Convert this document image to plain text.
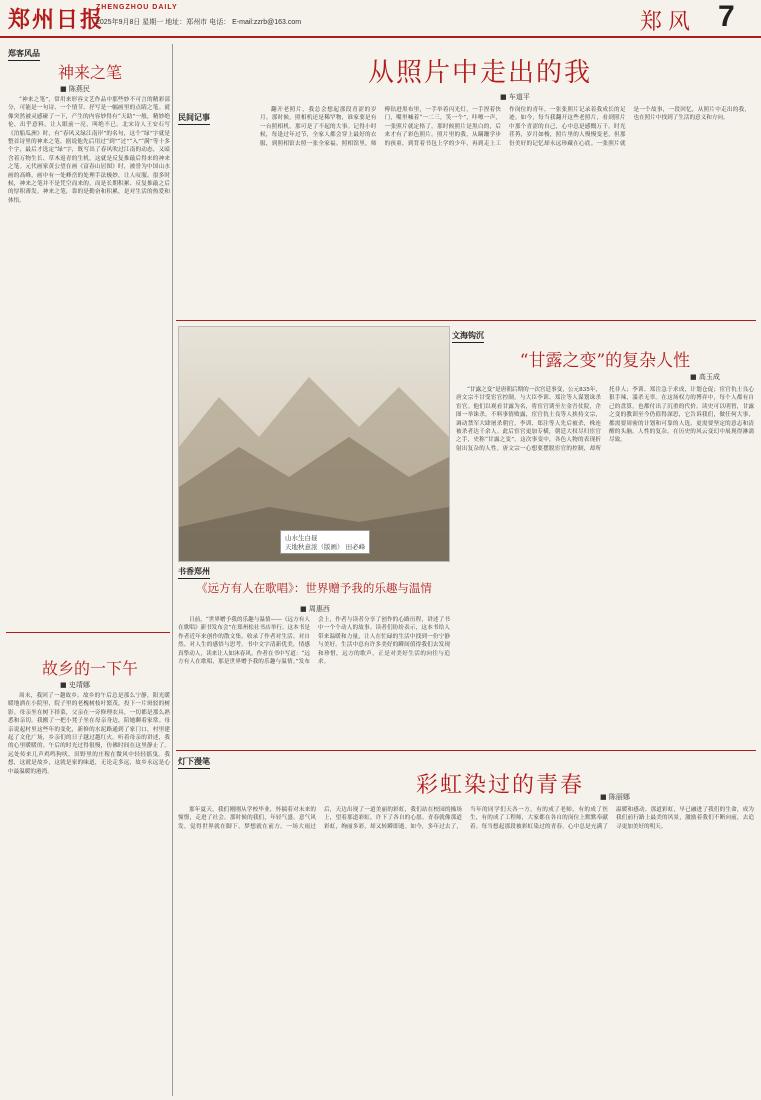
郑州日报
ZHENGZHOU DAILY
2025年9月8日 星期一 地址：郑州市 电话： E-mail:zzrb@163.com	郑风 7
郑客风品
神来之笔
■ 陈燕民
“神来之笔”，常用来形容文艺作品中那些妙不可言的精彩部分，可能是一句诗、一个情节、抒写是一幅画里的点睛之笔。就像突然被灵感碰了一下，产生的内容妙得有“天助”一般，精妙绝伦，出乎意料，让人眼前一亮，叫绝不已。北宋诗人王安石写《泊船瓜洲》时，有“春风又绿江南岸”的名句，这个“绿”字就是整首诗里的神来之笔。据说他先后用过“到”“过”“入”“满”等十多个字，最后才选定“绿”字，既写出了春风吹过江南的动态，又暗含着万物生长、草木返青的生机，这就是反复推敲后得来的神来之笔。元代画家黄公望在画《富春山居图》时，被誉为中国山水画的高峰，画中有一处峰峦的处理手法极妙，让人叹服。很多时候，神来之笔并不是凭空而来的，而是长期积累、反复推敲之后的厚积薄发。神来之笔，靠的是勤奋和积累，是对生活的热爱和体悟。
故乡的一下午
■ 史靖娜
周末，我回了一趟故乡。故乡的午后总是那么宁静，阳光暖暖地洒在小院里，院子里的老槐树枝叶繁茂，投下一片斑驳的树影。母亲坐在树下择菜，父亲在一旁修理农具，一切都是那么熟悉和亲切。我搬了一把小凳子坐在母亲身边，陪她聊着家常。母亲说起村里这些年的变化，新修的水泥路通到了家门口，村里建起了文化广场，乡亲们的日子越过越红火。听着母亲的讲述，我的心里暖暖的。午后的时光过得很慢，仿佛时间在这里静止了。远处传来几声鸡鸣狗吠，田野里的庄稼在微风中轻轻摇曳。我想，这就是故乡，这就是家的味道，无论走多远，故乡永远是心中最温暖的港湾。
民间记事
从照片中走出的我
■ 车道平
翻开老照片，我总会想起那段青涩的岁月。那时候，照相机还是稀罕物，谁家要是有一台照相机，那可是了不起的大事。记得小时候，每逢过年过节，全家人都会穿上最好的衣服，到照相馆去照一张全家福。照相馆里，师傅钻进黑布里，一手举着闪光灯，一手捏着快门，嘴里喊着“一二三，笑一个”，咔嚓一声，一张照片就定格了。那时候照片是黑白的，后来才有了彩色照片。照片里的我，从蹒跚学步的孩童，到背着书包上学的少年，再到走上工作岗位的青年，一张张照片记录着我成长的足迹。如今，每当我翻开这些老照片，看到照片中那个青涩的自己，心中总是感慨万千。时光荏苒，岁月如梭，照片里的人慢慢变老，但那份美好的记忆却永远珍藏在心底。一张照片就是一个故事，一段回忆，从照片中走出的我，也在照片中找到了生活的意义和方向。
山水生白昼
天地秋意浓（版画） 田必峰
文海钩沉
“甘露之变”的复杂人性
■ 高玉成
“甘露之变”是唐朝后期的一次宫廷事变，公元835年，唐文宗不甘受宦官控制，与大臣李训、郑注等人谋划诛杀宦官。他们以观看甘露为名，将宦官诱至左金吾仗院，企图一举诛杀。不料事情败露，宦官仇士良等人挟持文宗，调动禁军大肆屠杀朝官，李训、郑注等人先后被杀，株连被杀者达千余人。此后宦官更加专横，朝廷大权尽归宦官之手，史称“甘露之变”。这次事变中，各色人物的表现折射出复杂的人性。唐文宗一心想要摆脱宦官的控制，却所托非人；李训、郑注急于求成，计划仓促；宦官仇士良心狠手辣，滥杀无辜。在这场权力的博弈中，每个人都有自己的盘算，也都付出了沉重的代价。读史可以明智，甘露之变的教训至今仍值得深思，它告诉我们，做任何大事，都需要周密的计划和可靠的人选，更需要坚定的意志和清醒的头脑。人性的复杂，在历史的风云变幻中展现得淋漓尽致。
书香郑州
《远方有人在歌唱》：世界赠予我的乐趣与温情
■ 周惠西
日前，“世界赠予我的乐趣与温情——《远方有人在歌唱》新书发布会”在郑州松社书店举行。这本书是作者近年来创作的散文集，收录了作者对生活、对自然、对人生的感悟与思考。书中文字清新优美，情感真挚动人，读来让人如沐春风。作者在书中写道：“远方有人在歌唱，那是世界赠予我的乐趣与温情。”发布会上，作者与读者分享了创作的心路历程，讲述了书中一个个动人的故事。读者们纷纷表示，这本书给人带来温暖和力量，让人在忙碌的生活中找到一份宁静与美好。生活中总有许多美好的瞬间值得我们去发现和珍惜，远方的歌声，正是对美好生活的向往与追求。
灯下漫笔
彩虹染过的青春	■ 陈丽娜
那年夏天，我们刚刚从学校毕业，怀揣着对未来的憧憬，走进了社会。那时候的我们，年轻气盛，意气风发，觉得世界就在脚下，梦想就在前方。一场大雨过后，天边出现了一道美丽的彩虹，我们站在校园的操场上，望着那道彩虹，许下了各自的心愿。青春就像那道彩虹，绚丽多彩，却又转瞬即逝。如今，多年过去了，当年的同学们天各一方，有的成了老师，有的成了医生，有的成了工程师，大家都在各自的岗位上默默奉献着。每当想起那段被彩虹染过的青春，心中总是充满了温暖和感动。那道彩虹，早已融进了我们的生命，成为我们前行路上最美的风景，激励着我们不断向前，去追寻更加美好的明天。
